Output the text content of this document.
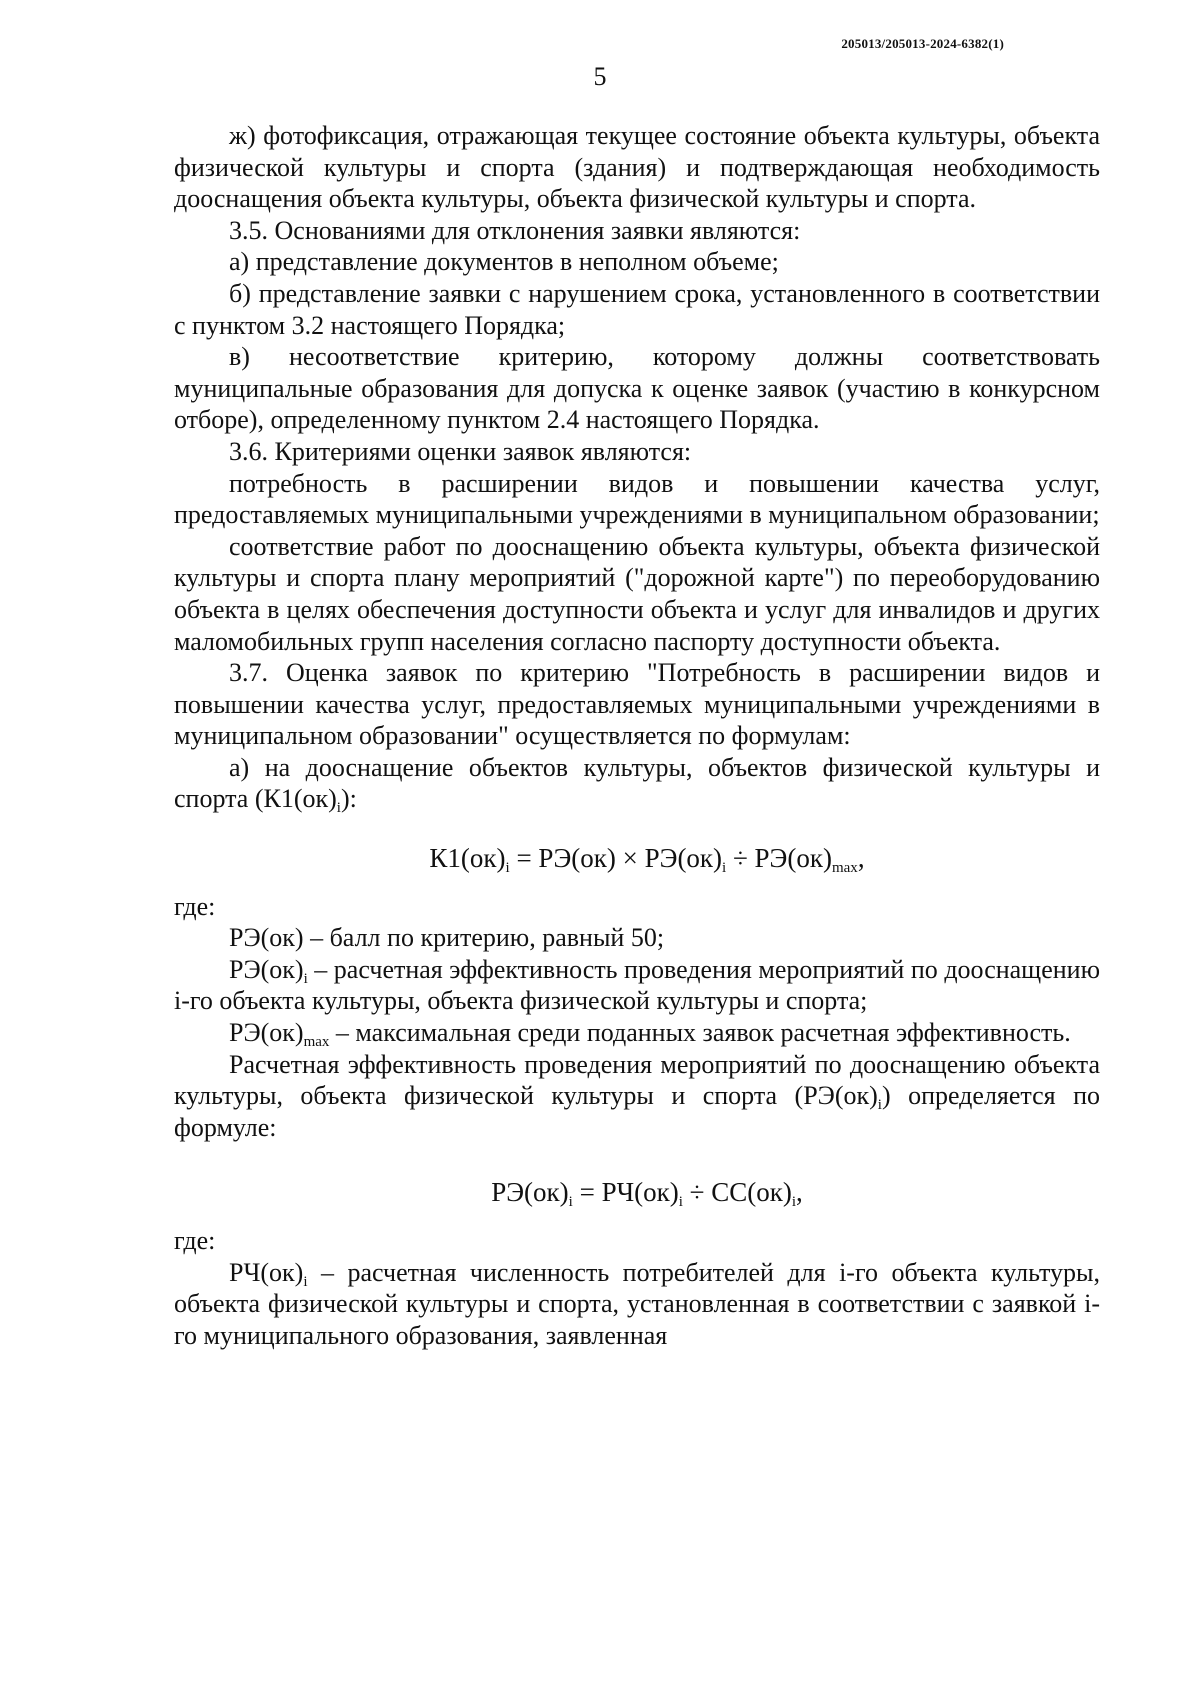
205013/205013-2024-6382(1)
5

ж) фотофиксация, отражающая текущее состояние объекта культуры, объекта физической культуры и спорта (здания) и подтверждающая необходимость дооснащения объекта культуры, объекта физической культуры и спорта.

3.5. Основаниями для отклонения заявки являются:

а) представление документов в неполном объеме;

б) представление заявки с нарушением срока, установленного в соответствии с пунктом 3.2 настоящего Порядка;

в) несоответствие критерию, которому должны соответствовать муниципальные образования для допуска к оценке заявок (участию в конкурсном отборе), определенному пунктом 2.4 настоящего Порядка.

3.6. Критериями оценки заявок являются:

потребность в расширении видов и повышении качества услуг, предоставляемых муниципальными учреждениями в муниципальном образовании;

соответствие работ по дооснащению объекта культуры, объекта физической культуры и спорта плану мероприятий ("дорожной карте") по переоборудованию объекта в целях обеспечения доступности объекта и услуг для инвалидов и других маломобильных групп населения согласно паспорту доступности объекта.

3.7. Оценка заявок по критерию "Потребность в расширении видов и повышении качества услуг, предоставляемых муниципальными учреждениями в муниципальном образовании" осуществляется по формулам:

а) на дооснащение объектов культуры, объектов физической культуры и спорта $(К1(ок)_i)$:

$К1(ок)_i = РЭ(ок) \times РЭ(ок)_i \div РЭ(ок)_{max}$,

где:

РЭ(ок) – балл по критерию, равный 50;

$РЭ(ок)_i$ – расчетная эффективность проведения мероприятий по дооснащению i-го объекта культуры, объекта физической культуры и спорта;

$РЭ(ок)_{max}$ – максимальная среди поданных заявок расчетная эффективность.

Расчетная эффективность проведения мероприятий по дооснащению объекта культуры, объекта физической культуры и спорта $(РЭ(ок)_i)$ определяется по формуле:

$РЭ(ок)_i = РЧ(ок)_i \div СС(ок)_i$,

где:

$РЧ(ок)_i$ – расчетная численность потребителей для i-го объекта культуры, объекта физической культуры и спорта, установленная в соответствии с заявкой i-го муниципального образования, заявленная
